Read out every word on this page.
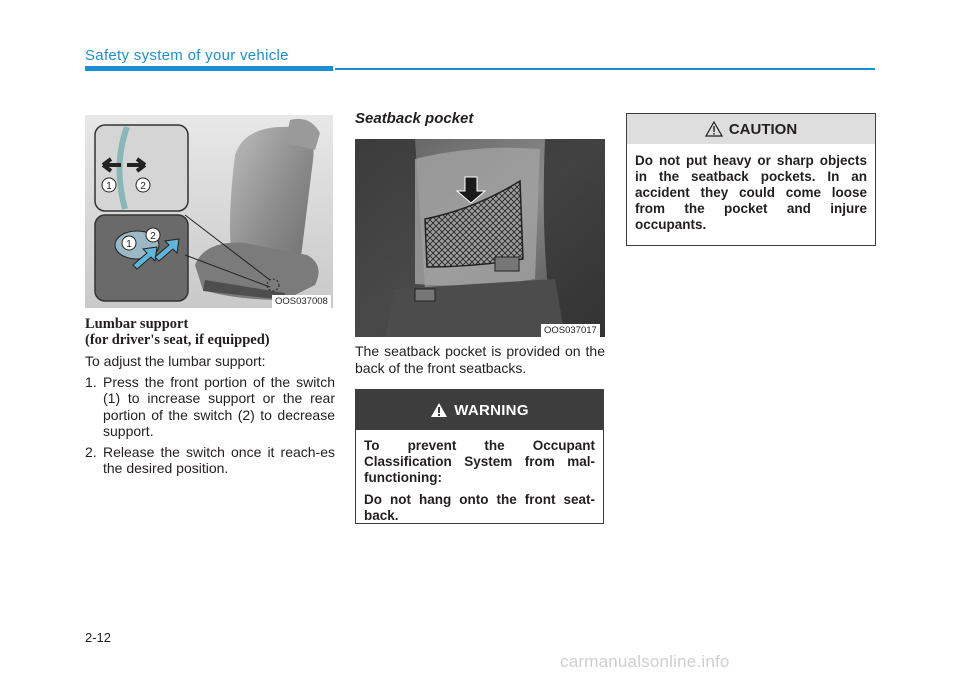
Safety system of your vehicle
1	2
1
2
OOS037008
Lumbar support
(for driver's seat, if equipped)
To adjust the lumbar support:
1. Press the front portion of the switch (1) to increase support or the rear portion of the switch (2) to decrease support.
2. Release the switch once it reach-es the desired position.
Seatback pocket
OOS037017
The seatback pocket is provided on the back of the front seatbacks.
WARNING
To prevent the Occupant Classification System from mal-functioning:
Do not hang onto the front seat-back.
CAUTION
Do not put heavy or sharp objects in the seatback pockets. In an accident they could come loose from the pocket and injure occupants.
2-12
carmanualsonline.info
